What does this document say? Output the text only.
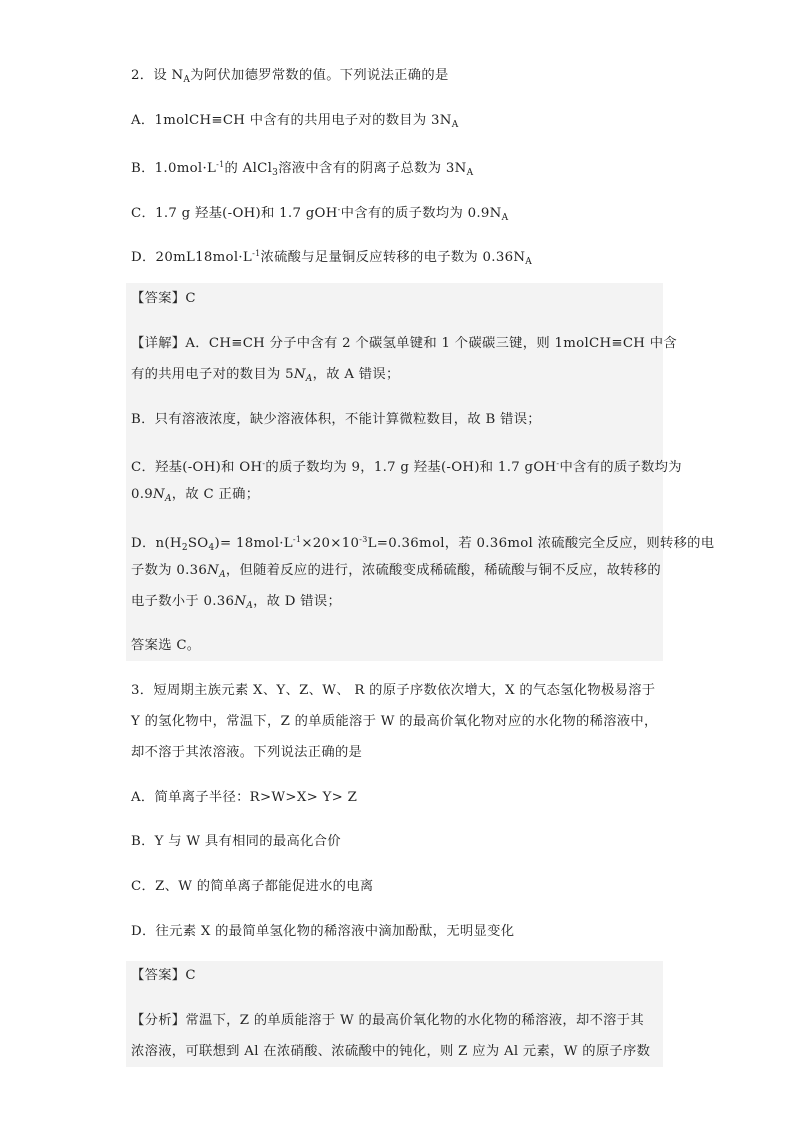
2．设 $N_A$为阿伏加德罗常数的值。下列说法正确的是
A．1molCH≡CH 中含有的共用电子对的数目为 $3N_A$
B．$1.0mol\cdot L^{-1}$的 AlCl$_3$溶液中含有的阴离子总数为 $3N_A$
C．1.7 g 羟基(-OH)和 1.7 gOH-中含有的质子数均为 $0.9N_A$
D．$20mL18mol\cdot L^{-1}$浓硫酸与足量铜反应转移的电子数为 $0.36N_A$
【答案】C
【详解】A．CH≡CH 分子中含有 2 个碳氢单键和 1 个碳碳三键，则 1molCH≡CH 中含
有的共用电子对的数目为 $5N_A$，故 A 错误；
B．只有溶液浓度，缺少溶液体积，不能计算微粒数目，故 B 错误；
C．羟基(-OH)和 OH-的质子数均为 9，1.7 g 羟基(-OH)和 1.7 gOH-中含有的质子数均为
$0.9N_A$，故 C 正确；
D．$n(H_2SO_4)= 18mol\cdot L^{-1}\times 20\times 10^{-3}L=0.36mol$，若 0.36mol 浓硫酸完全反应，则转移的电
子数为 $0.36N_A$，但随着反应的进行，浓硫酸变成稀硫酸，稀硫酸与铜不反应，故转移的
电子数小于 $0.36N_A$，故 D 错误；
答案选 C。
3．短周期主族元素 X、Y、Z、W、 R 的原子序数依次增大，X 的气态氢化物极易溶于
Y 的氢化物中，常温下，Z 的单质能溶于 W 的最高价氧化物对应的水化物的稀溶液中，
却不溶于其浓溶液。下列说法正确的是
A．简单离子半径：R>W>X> Y> Z
B．Y 与 W 具有相同的最高化合价
C．Z、W 的简单离子都能促进水的电离
D．往元素 X 的最简单氢化物的稀溶液中滴加酚酞，无明显变化
【答案】C
【分析】常温下，Z 的单质能溶于 W 的最高价氧化物的水化物的稀溶液，却不溶于其
浓溶液，可联想到 Al 在浓硝酸、浓硫酸中的钝化，则 Z 应为 Al 元素，W 的原子序数
